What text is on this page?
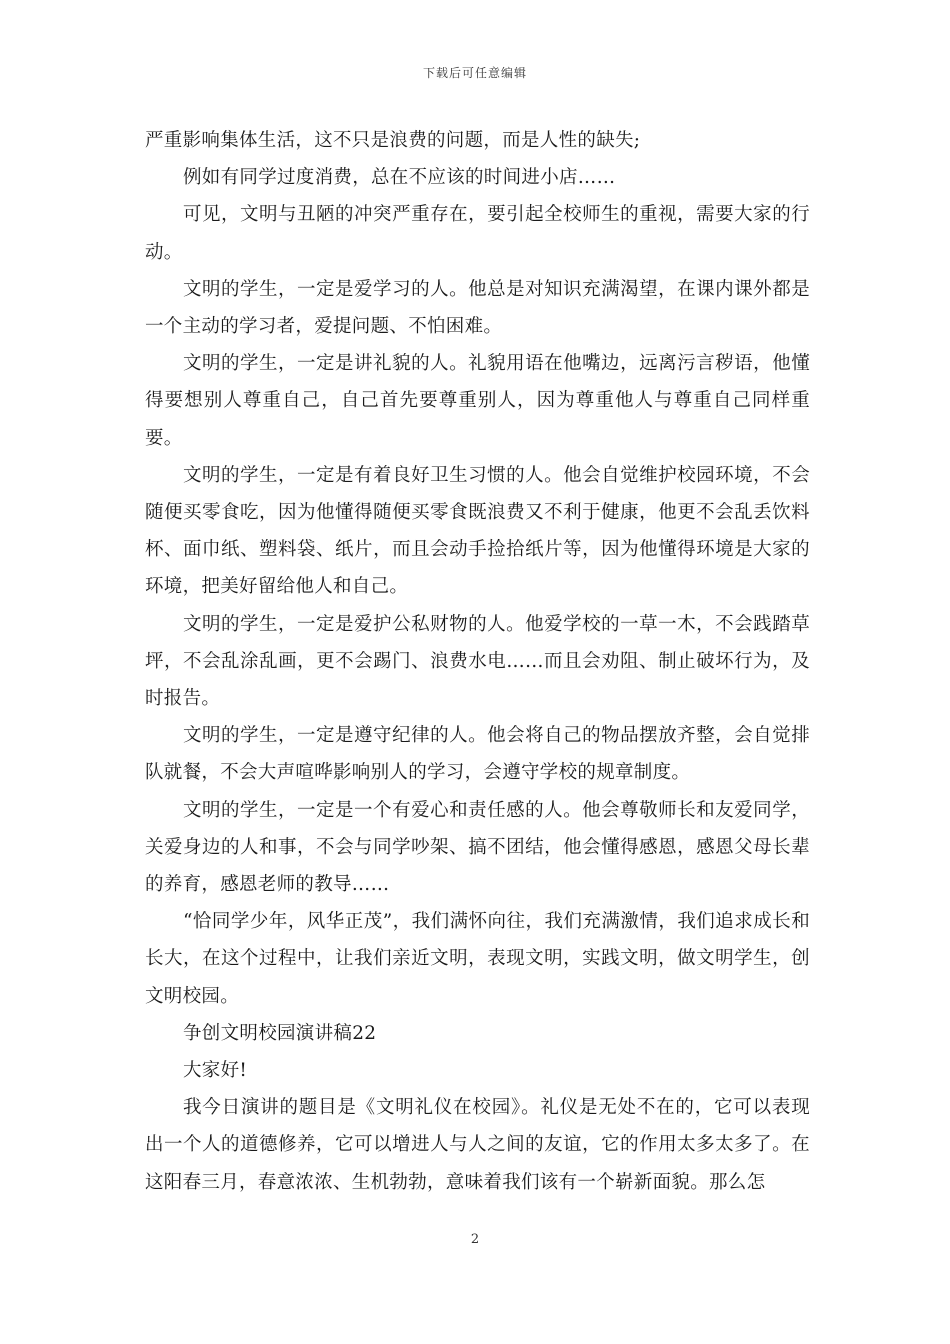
下载后可任意编辑

严重影响集体生活，这不只是浪费的问题，而是人性的缺失;

例如有同学过度消费，总在不应该的时间进小店……

可见，文明与丑陋的冲突严重存在，要引起全校师生的重视，需要大家的行动。

文明的学生，一定是爱学习的人。他总是对知识充满渴望，在课内课外都是一个主动的学习者，爱提问题、不怕困难。

文明的学生，一定是讲礼貌的人。礼貌用语在他嘴边，远离污言秽语，他懂得要想别人尊重自己，自己首先要尊重别人，因为尊重他人与尊重自己同样重要。

文明的学生，一定是有着良好卫生习惯的人。他会自觉维护校园环境，不会随便买零食吃，因为他懂得随便买零食既浪费又不利于健康，他更不会乱丢饮料杯、面巾纸、塑料袋、纸片，而且会动手捡拾纸片等，因为他懂得环境是大家的环境，把美好留给他人和自己。

文明的学生，一定是爱护公私财物的人。他爱学校的一草一木，不会践踏草坪，不会乱涂乱画，更不会踢门、浪费水电……而且会劝阻、制止破坏行为，及时报告。

文明的学生，一定是遵守纪律的人。他会将自己的物品摆放齐整，会自觉排队就餐，不会大声喧哗影响别人的学习，会遵守学校的规章制度。

文明的学生，一定是一个有爱心和责任感的人。他会尊敬师长和友爱同学，关爱身边的人和事，不会与同学吵架、搞不团结，他会懂得感恩，感恩父母长辈的养育，感恩老师的教导……

“恰同学少年，风华正茂”，我们满怀向往，我们充满激情，我们追求成长和长大，在这个过程中，让我们亲近文明，表现文明，实践文明，做文明学生，创文明校园。

争创文明校园演讲稿22

大家好!

我今日演讲的题目是《文明礼仪在校园》。礼仪是无处不在的，它可以表现出一个人的道德修养，它可以增进人与人之间的友谊，它的作用太多太多了。在这阳春三月，春意浓浓、生机勃勃，意味着我们该有一个崭新面貌。那么怎

2
